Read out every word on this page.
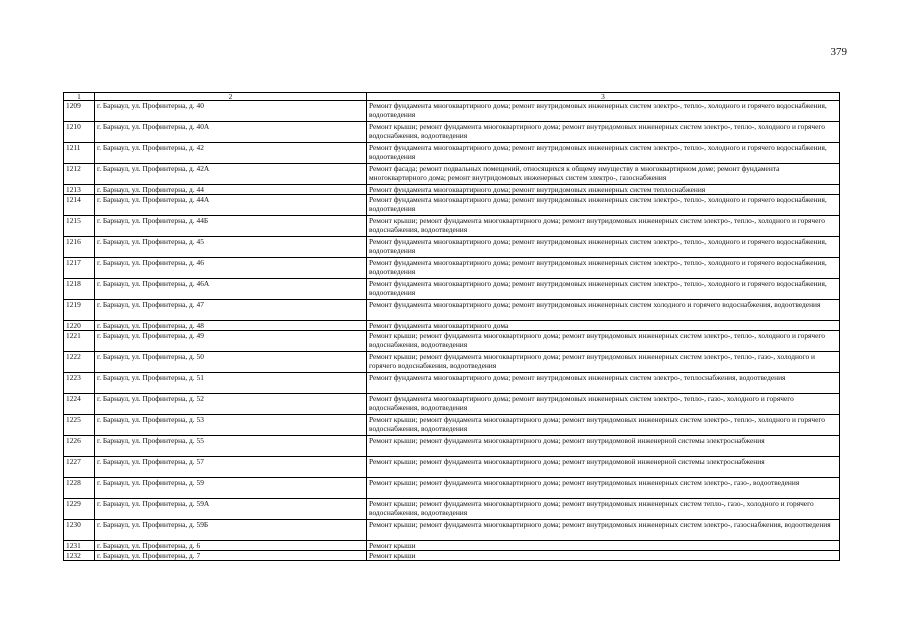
379
1	2	3
1209	г. Барнаул, ул. Профинтерна, д. 40	Ремонт фундамента многоквартирного дома; ремонт внутридомовых инженерных систем электро-, тепло-, холодного и горячего водоснабжения, водоотведения
1210	г. Барнаул, ул. Профинтерна, д. 40А	Ремонт крыши; ремонт фундамента многоквартирного дома; ремонт внутридомовых инженерных систем электро-, тепло-, холодного и горячего водоснабжения, водоотведения
1211	г. Барнаул, ул. Профинтерна, д. 42	Ремонт фундамента многоквартирного дома; ремонт внутридомовых инженерных систем электро-, тепло-, холодного и горячего водоснабжения, водоотведения
1212	г. Барнаул, ул. Профинтерна, д. 42А	Ремонт фасада; ремонт подвальных помещений, относящихся к общему имуществу в многоквартирном доме; ремонт фундамента многоквартирного дома; ремонт внутридомовых инженерных систем электро-, газоснабжения
1213	г. Барнаул, ул. Профинтерна, д. 44	Ремонт фундамента многоквартирного дома; ремонт внутридомовых инженерных систем теплоснабжения
1214	г. Барнаул, ул. Профинтерна, д. 44А	Ремонт фундамента многоквартирного дома; ремонт внутридомовых инженерных систем электро-, тепло-, холодного и горячего водоснабжения, водоотведения
1215	г. Барнаул, ул. Профинтерна, д. 44Б	Ремонт крыши; ремонт фундамента многоквартирного дома; ремонт внутридомовых инженерных систем электро-, тепло-, холодного и горячего водоснабжения, водоотведения
1216	г. Барнаул, ул. Профинтерна, д. 45	Ремонт фундамента многоквартирного дома; ремонт внутридомовых инженерных систем электро-, тепло-, холодного и горячего водоснабжения, водоотведения
1217	г. Барнаул, ул. Профинтерна, д. 46	Ремонт фундамента многоквартирного дома; ремонт внутридомовых инженерных систем электро-, тепло-, холодного и горячего водоснабжения, водоотведения
1218	г. Барнаул, ул. Профинтерна, д. 46А	Ремонт фундамента многоквартирного дома; ремонт внутридомовых инженерных систем электро-, тепло-, холодного и горячего водоснабжения, водоотведения
1219	г. Барнаул, ул. Профинтерна, д. 47	Ремонт фундамента многоквартирного дома; ремонт внутридомовых инженерных систем холодного и горячего водоснабжения, водоотведения
1220	г. Барнаул, ул. Профинтерна, д. 48	Ремонт фундамента многоквартирного дома
1221	г. Барнаул, ул. Профинтерна, д. 49	Ремонт крыши; ремонт фундамента многоквартирного дома; ремонт внутридомовых инженерных систем электро-, тепло-, холодного и горячего водоснабжения, водоотведения
1222	г. Барнаул, ул. Профинтерна, д. 50	Ремонт крыши; ремонт фундамента многоквартирного дома; ремонт внутридомовых инженерных систем электро-, тепло-, газо-, холодного и горячего водоснабжения, водоотведения
1223	г. Барнаул, ул. Профинтерна, д. 51	Ремонт фундамента многоквартирного дома; ремонт внутридомовых инженерных систем электро-, теплоснабжения, водоотведения
1224	г. Барнаул, ул. Профинтерна, д. 52	Ремонт фундамента многоквартирного дома; ремонт внутридомовых инженерных систем электро-, тепло-, газо-, холодного и горячего водоснабжения, водоотведения
1225	г. Барнаул, ул. Профинтерна, д. 53	Ремонт крыши; ремонт фундамента многоквартирного дома; ремонт внутридомовых инженерных систем электро-, тепло-, холодного и горячего водоснабжения, водоотведения
1226	г. Барнаул, ул. Профинтерна, д. 55	Ремонт крыши; ремонт фундамента многоквартирного дома; ремонт внутридомовой инженерной системы электроснабжения
1227	г. Барнаул, ул. Профинтерна, д. 57	Ремонт крыши; ремонт фундамента многоквартирного дома; ремонт внутридомовой инженерной системы электроснабжения
1228	г. Барнаул, ул. Профинтерна, д. 59	Ремонт крыши; ремонт фундамента многоквартирного дома; ремонт внутридомовых инженерных систем электро-, газо-, водоотведения
1229	г. Барнаул, ул. Профинтерна, д. 59А	Ремонт крыши; ремонт фундамента многоквартирного дома; ремонт внутридомовых инженерных систем тепло-, газо-, холодного и горячего водоснабжения, водоотведения
1230	г. Барнаул, ул. Профинтерна, д. 59Б	Ремонт крыши; ремонт фундамента многоквартирного дома; ремонт внутридомовых инженерных систем электро-, газоснабжения, водоотведения
1231	г. Барнаул, ул. Профинтерна, д. 6	Ремонт крыши
1232	г. Барнаул, ул. Профинтерна, д. 7	Ремонт крыши
